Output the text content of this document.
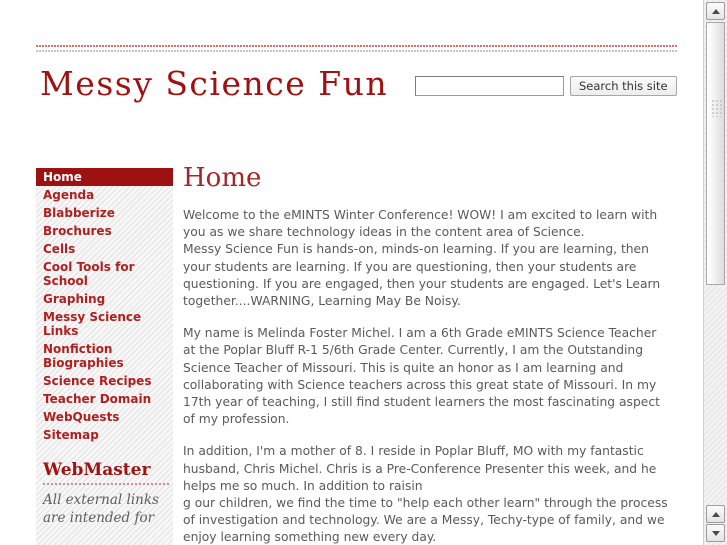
Messy Science Fun	Search this site
Home
Agenda
Blabberize
Brochures
Cells
Cool Tools for School
Graphing
Messy Science Links
Nonfiction Biographies
Science Recipes
Teacher Domain
WebQuests
Sitemap
WebMaster

All external links are intended for

Home

Welcome to the eMINTS Winter Conference! WOW! I am excited to learn with you as we share technology ideas in the content area of Science.
Messy Science Fun is hands-on, minds-on learning. If you are learning, then your students are learning. If you are questioning, then your students are questioning. If you are engaged, then your students are engaged. Let's Learn together....WARNING, Learning May Be Noisy.

My name is Melinda Foster Michel. I am a 6th Grade eMINTS Science Teacher at the Poplar Bluff R-1 5/6th Grade Center. Currently, I am the Outstanding Science Teacher of Missouri. This is quite an honor as I am learning and collaborating with Science teachers across this great state of Missouri. In my 17th year of teaching, I still find student learners the most fascinating aspect of my profession.

In addition, I'm a mother of 8. I reside in Poplar Bluff, MO with my fantastic husband, Chris Michel. Chris is a Pre-Conference Presenter this week, and he helps me so much. In addition to raisin
g our children, we find the time to "help each other learn" through the process of investigation and technology. We are a Messy, Techy-type of family, and we enjoy learning something new every day.
